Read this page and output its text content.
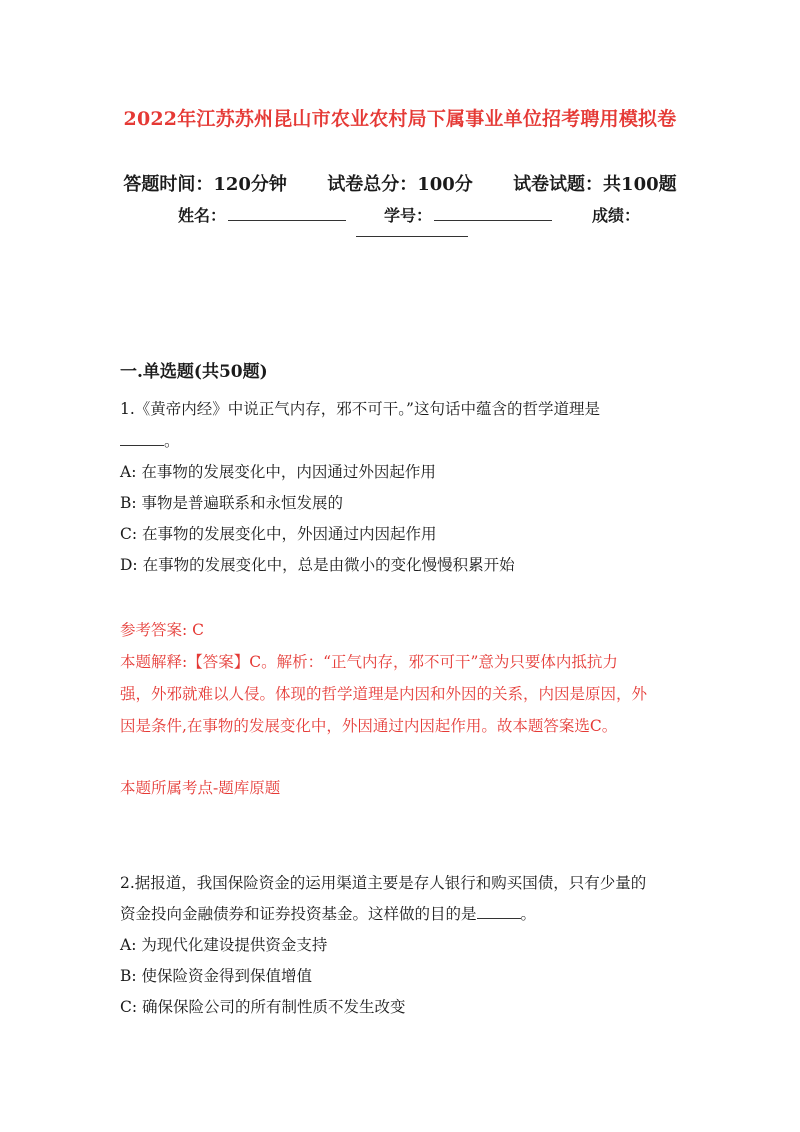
2022年江苏苏州昆山市农业农村局下属事业单位招考聘用模拟卷
答题时间：120分钟 试卷总分：100分 试卷试题：共100题
姓名：	学号：	成绩：
一.单选题(共50题)
1.《黄帝内经》中说正气内存，邪不可干。”这句话中蕴含的哲学道理是
。
A: 在事物的发展变化中，内因通过外因起作用
B: 事物是普遍联系和永恒发展的
C: 在事物的发展变化中，外因通过内因起作用
D: 在事物的发展变化中，总是由微小的变化慢慢积累开始
参考答案: C
本题解释:【答案】C。解析：“正气内存，邪不可干”意为只要体内抵抗力
强，外邪就难以人侵。体现的哲学道理是内因和外因的关系，内因是原因，外
因是条件,在事物的发展变化中，外因通过内因起作用。故本题答案选C。
本题所属考点-题库原题
2.据报道，我国保险资金的运用渠道主要是存人银行和购买国债，只有少量的
资金投向金融债券和证券投资基金。这样做的目的是	。
A: 为现代化建设提供资金支持
B: 使保险资金得到保值增值
C: 确保保险公司的所有制性质不发生改变
